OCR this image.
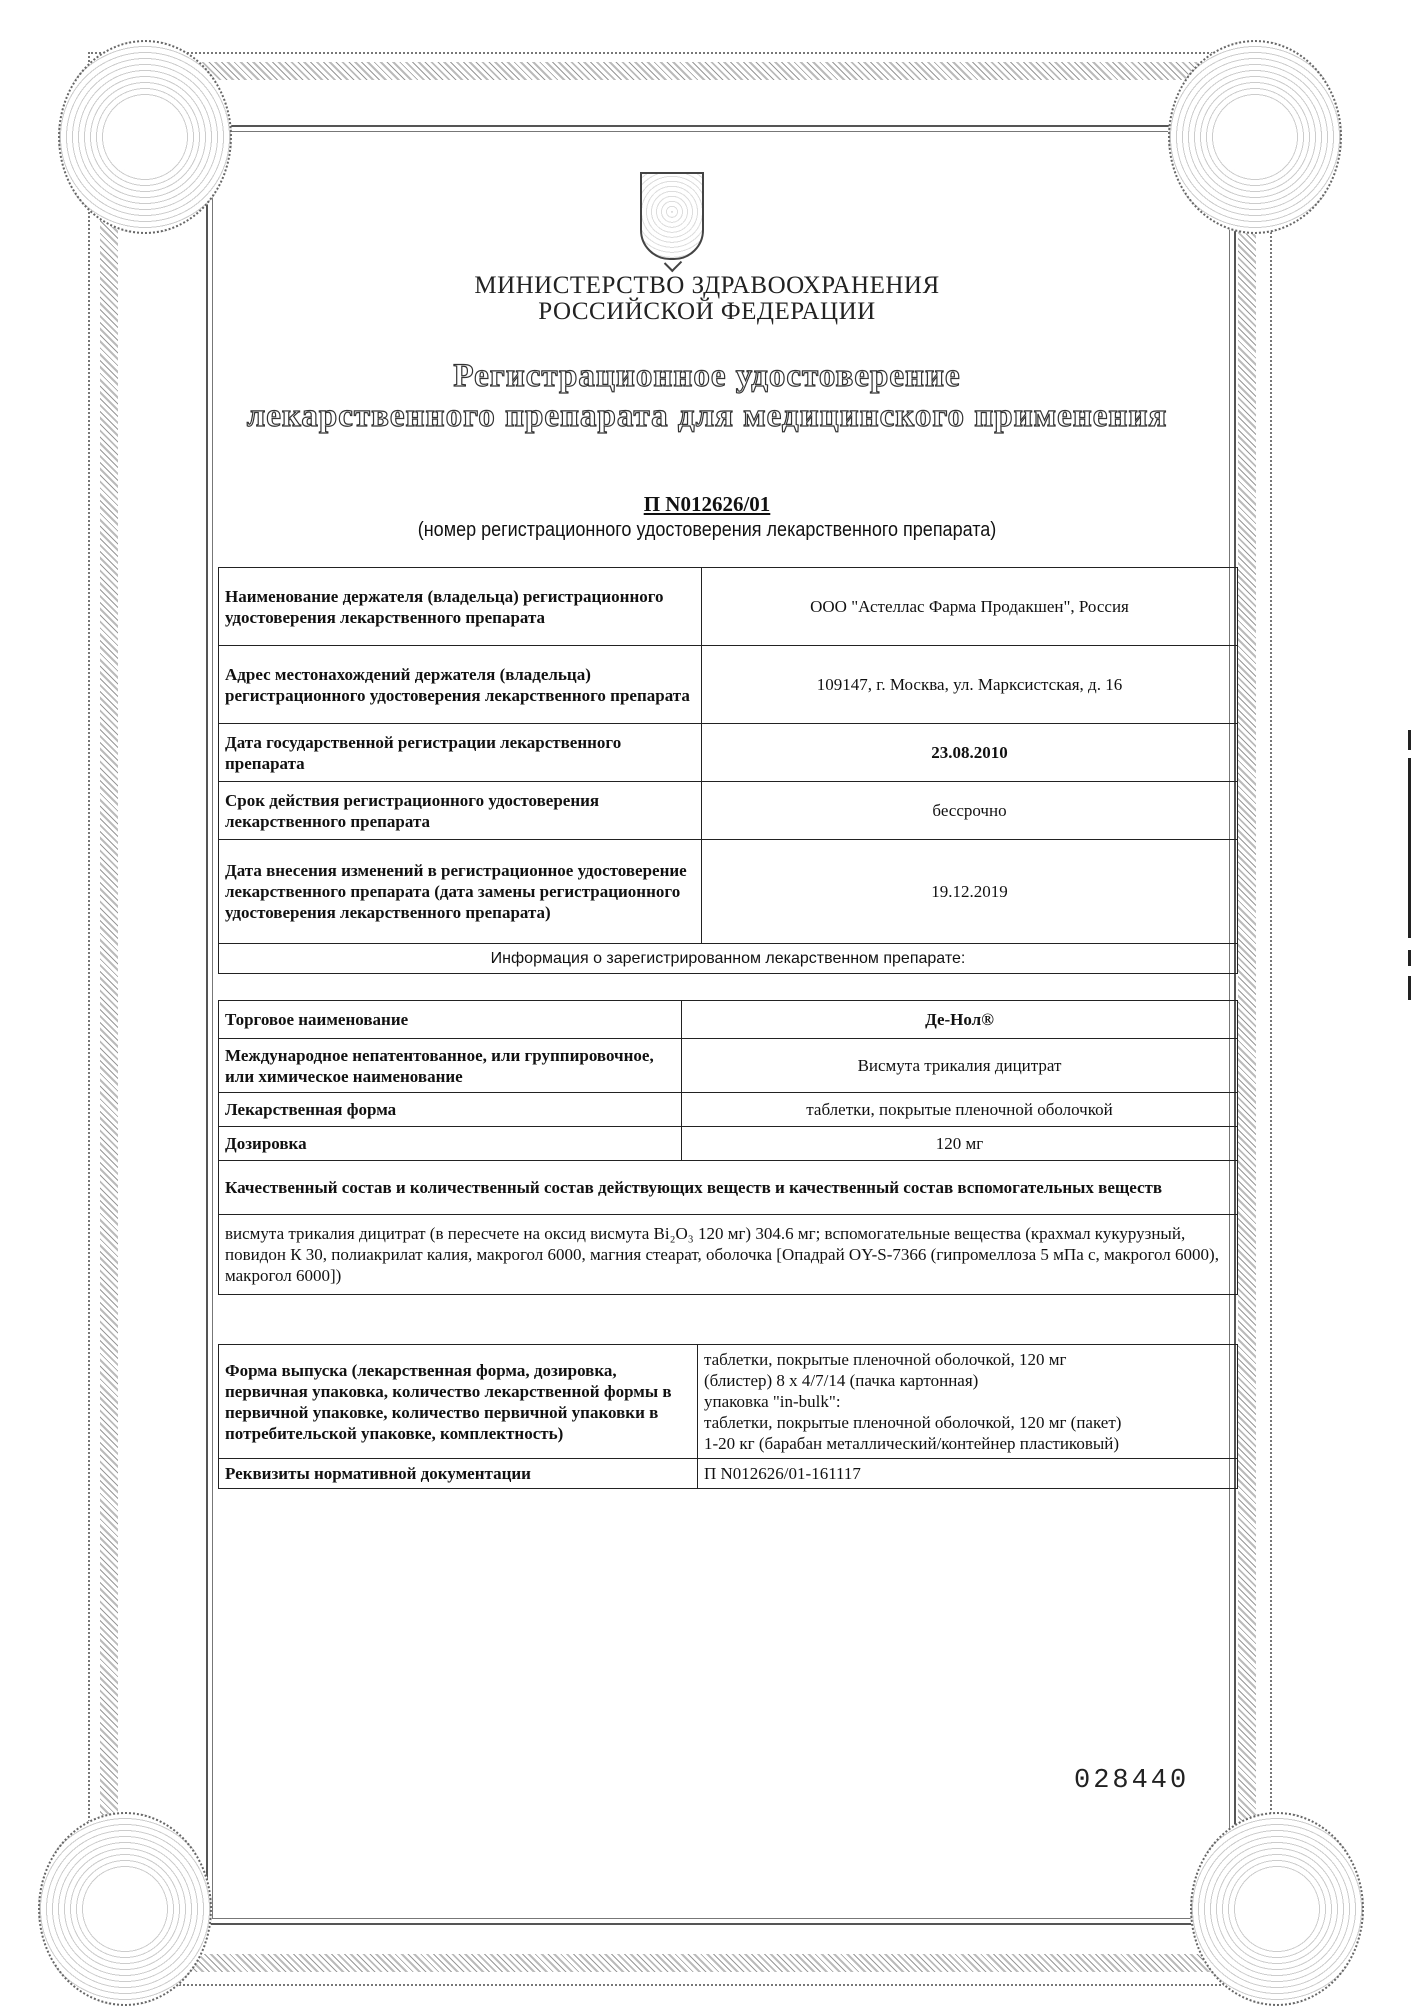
МИНИСТЕРСТВО ЗДРАВООХРАНЕНИЯ
РОССИЙСКОЙ ФЕДЕРАЦИИ
Регистрационное удостоверение
лекарственного препарата для медицинского применения
П N012626/01
(номер регистрационного удостоверения лекарственного препарата)
Наименование держателя (владельца) регистрационного удостоверения лекарственного препарата	ООО "Астеллас Фарма Продакшен", Россия
Адрес местонахождений держателя (владельца) регистрационного удостоверения лекарственного препарата	109147, г. Москва, ул. Марксистская, д. 16
Дата государственной регистрации лекарственного препарата	23.08.2010
Срок действия регистрационного удостоверения лекарственного препарата	бессрочно
Дата внесения изменений в регистрационное удостоверение лекарственного препарата (дата замены регистрационного удостоверения лекарственного препарата)	19.12.2019
Информация о зарегистрированном лекарственном препарате:	
Торговое наименование	Де-Нол®
Международное непатентованное, или группировочное, или химическое наименование	Висмута трикалия дицитрат
Лекарственная форма	таблетки, покрытые пленочной оболочкой
Дозировка	120 мг
Качественный состав и количественный состав действующих веществ и качественный состав вспомогательных веществ	
висмута трикалия дицитрат (в пересчете на оксид висмута Bi₂O₃ 120 мг) 304.6 мг; вспомогательные вещества (крахмал кукурузный, повидон К 30, полиакрилат калия, макрогол 6000, магния стеарат, оболочка [Опадрай OY-S-7366 (гипромеллоза 5 мПа с, макрогол 6000), макрогол 6000])	
Форма выпуска (лекарственная форма, дозировка, первичная упаковка, количество лекарственной формы в первичной упаковке, количество первичной упаковки в потребительской упаковке, комплектность)	таблетки, покрытые пленочной оболочкой, 120 мг
(блистер) 8 х 4/7/14 (пачка картонная)
упаковка "in-bulk":
таблетки, покрытые пленочной оболочкой, 120 мг (пакет)
1-20 кг (барабан металлический/контейнер пластиковый)

Реквизиты нормативной документации	П N012626/01-161117
028440
